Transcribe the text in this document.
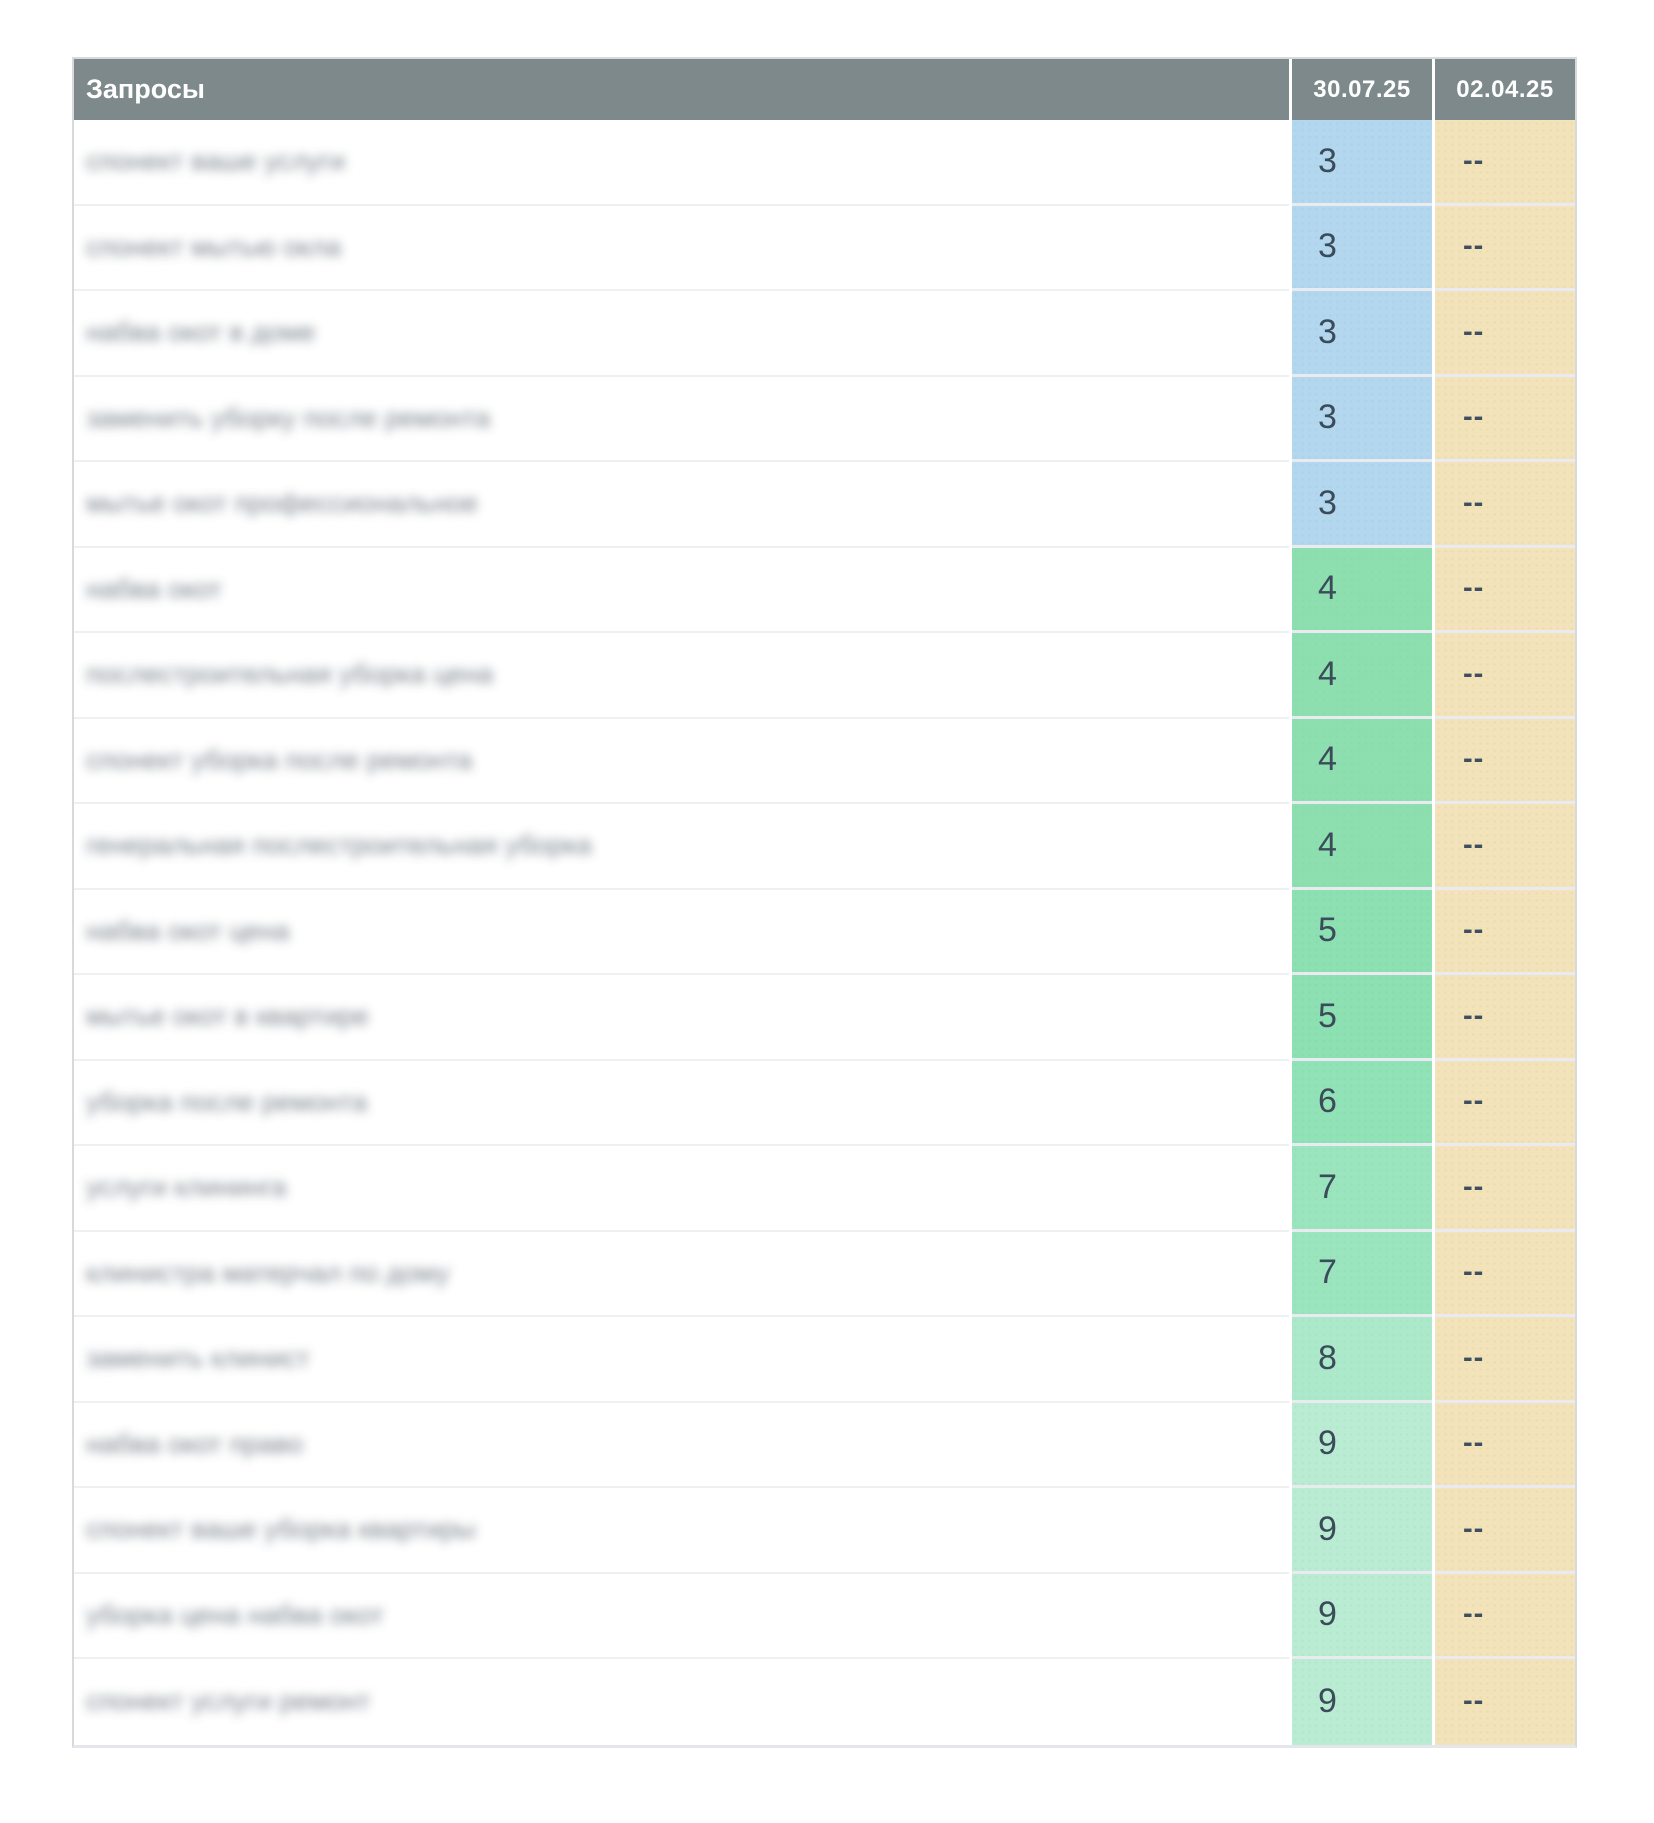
Запросы	30.07.25	02.04.25
спонект ваше услуги	3	--
спонект мытью окла	3	--
набва окот в доме	3	--
заменить уборку после ремонта	3	--
мытье окот профессиональное	3	--
набва окот	4	--
послестроительная уборка цена	4	--
спонект уборка после ремонта	4	--
генеральная послестроительная уборка	4	--
набва окот цена	5	--
мытье окот в квартире	5	--
уборка после ремонта	6	--
услуги клининга	7	--
клинистра матерчал по дому	7	--
заменить клинист	8	--
набва окот право	9	--
спонект ваше уборка квартиры	9	--
уборка цена набва окот	9	--
спонект услуги ремонт	9	--
